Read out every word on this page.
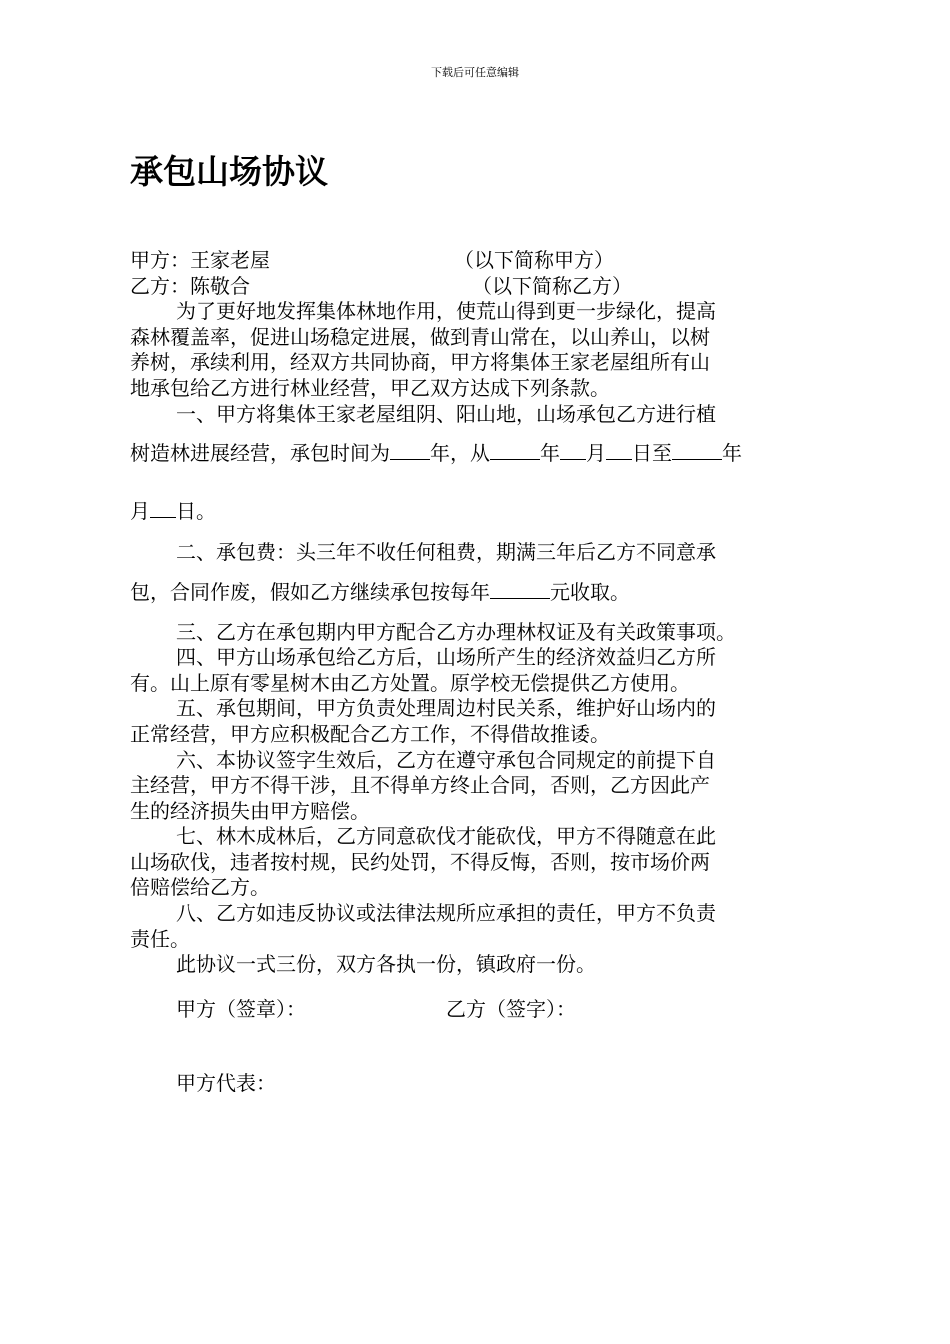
下载后可任意编辑
承包山场协议
甲方：王家老屋	（以下简称甲方）
乙方：陈敬合	（以下简称乙方）
为了更好地发挥集体林地作用，使荒山得到更一步绿化，提高
森林覆盖率，促进山场稳定进展，做到青山常在，以山养山，以树
养树，承续利用，经双方共同协商，甲方将集体王家老屋组所有山
地承包给乙方进行林业经营，甲乙双方达成下列条款。
一、甲方将集体王家老屋组阴、阳山地，山场承包乙方进行植
树造林进展经营，承包时间为 年，从	年 月 日至	年
月 日。
二、承包费：头三年不收任何租费，期满三年后乙方不同意承
包，合同作废，假如乙方继续承包按每年	元收取。
三、乙方在承包期内甲方配合乙方办理林权证及有关政策事项。
四、甲方山场承包给乙方后，山场所产生的经济效益归乙方所
有。山上原有零星树木由乙方处置。原学校无偿提供乙方使用。
五、承包期间，甲方负责处理周边村民关系，维护好山场内的
正常经营，甲方应积极配合乙方工作，不得借故推诿。
六、本协议签字生效后，乙方在遵守承包合同规定的前提下自
主经营，甲方不得干涉，且不得单方终止合同，否则，乙方因此产
生的经济损失由甲方赔偿。
七、林木成林后，乙方同意砍伐才能砍伐，甲方不得随意在此
山场砍伐，违者按村规，民约处罚，不得反悔，否则，按市场价两
倍赔偿给乙方。
八、乙方如违反协议或法律法规所应承担的责任，甲方不负责
责任。
此协议一式三份，双方各执一份，镇政府一份。
甲方（签章）：	乙方（签字）：
甲方代表：
